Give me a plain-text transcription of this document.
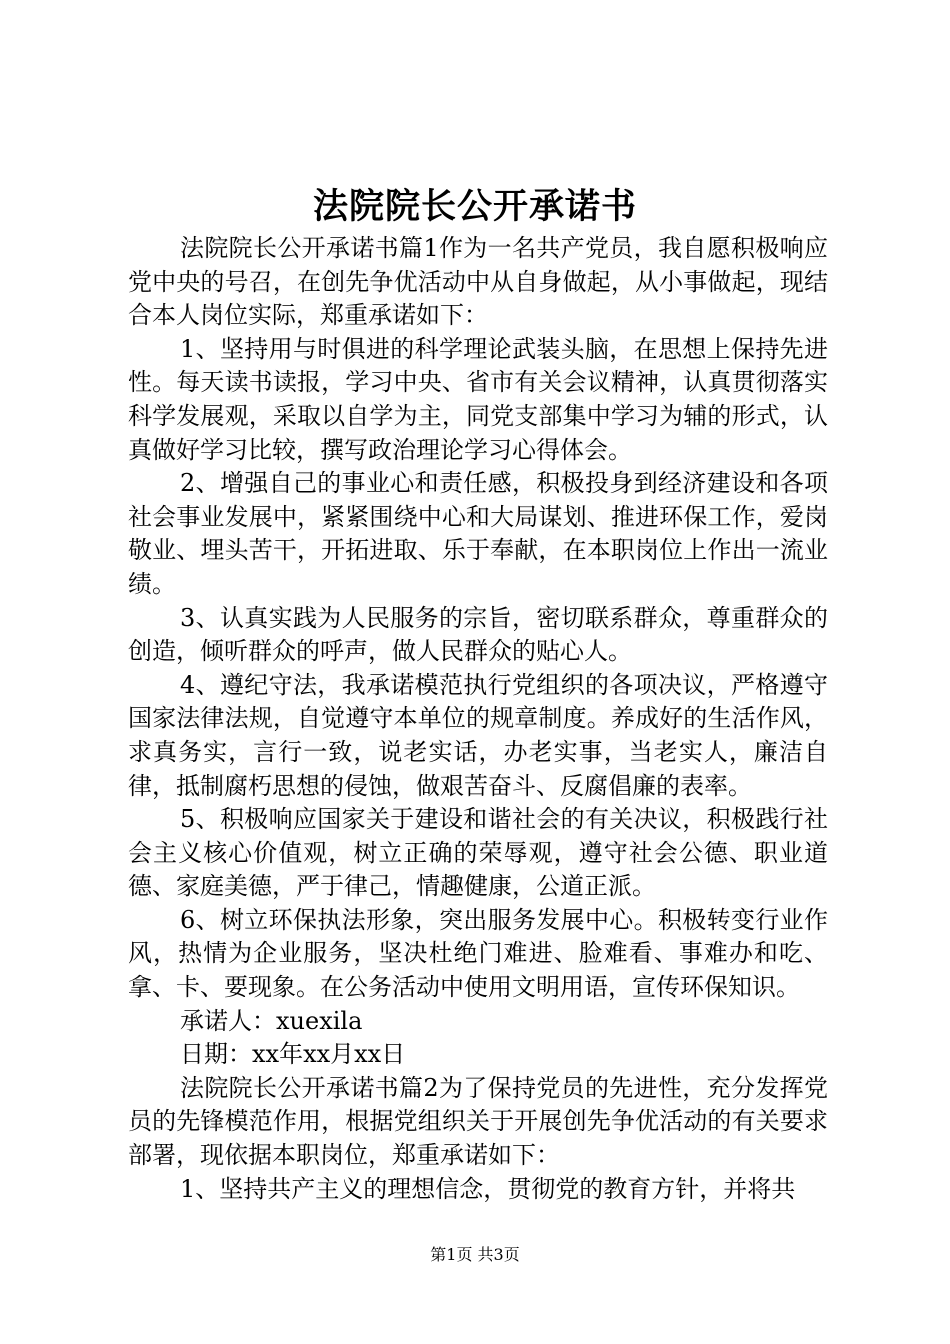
法院院长公开承诺书

法院院长公开承诺书篇1作为一名共产党员，我自愿积极响应党中央的号召，在创先争优活动中从自身做起，从小事做起，现结合本人岗位实际，郑重承诺如下：

1、坚持用与时俱进的科学理论武装头脑，在思想上保持先进性。每天读书读报，学习中央、省市有关会议精神，认真贯彻落实科学发展观，采取以自学为主，同党支部集中学习为辅的形式，认真做好学习比较，撰写政治理论学习心得体会。

2、增强自己的事业心和责任感，积极投身到经济建设和各项社会事业发展中，紧紧围绕中心和大局谋划、推进环保工作，爱岗敬业、埋头苦干，开拓进取、乐于奉献，在本职岗位上作出一流业绩。

3、认真实践为人民服务的宗旨，密切联系群众，尊重群众的创造，倾听群众的呼声，做人民群众的贴心人。

4、遵纪守法，我承诺模范执行党组织的各项决议，严格遵守国家法律法规，自觉遵守本单位的规章制度。养成好的生活作风，求真务实，言行一致，说老实话，办老实事，当老实人，廉洁自律，抵制腐朽思想的侵蚀，做艰苦奋斗、反腐倡廉的表率。

5、积极响应国家关于建设和谐社会的有关决议，积极践行社会主义核心价值观，树立正确的荣辱观，遵守社会公德、职业道德、家庭美德，严于律己，情趣健康，公道正派。

6、树立环保执法形象，突出服务发展中心。积极转变行业作风，热情为企业服务，坚决杜绝门难进、脸难看、事难办和吃、拿、卡、要现象。在公务活动中使用文明用语，宣传环保知识。

承诺人：xuexila

日期：xx年xx月xx日

法院院长公开承诺书篇2为了保持党员的先进性，充分发挥党员的先锋模范作用，根据党组织关于开展创先争优活动的有关要求部署，现依据本职岗位，郑重承诺如下：

1、坚持共产主义的理想信念，贯彻党的教育方针，并将共

第1页 共3页
